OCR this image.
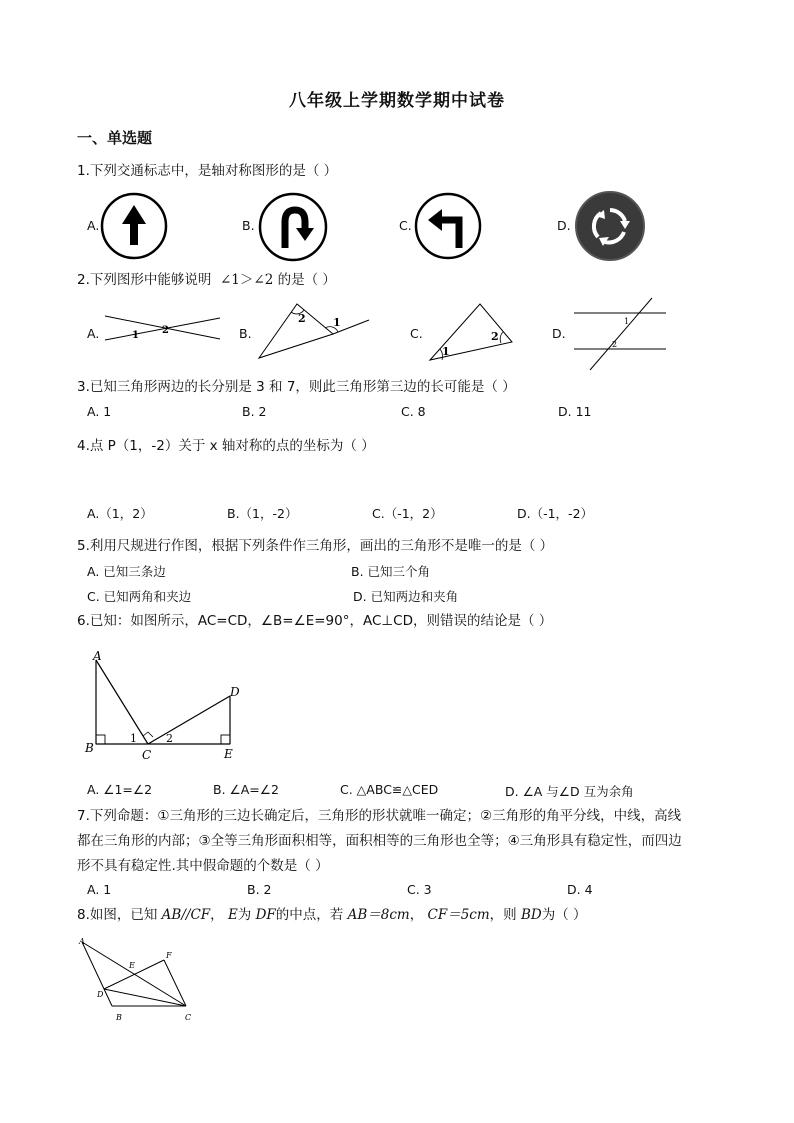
八年级上学期数学期中试卷
一、单选题
1.下列交通标志中，是轴对称图形的是（ ）
A.	B.	C.	D.
2.下列图形中能够说明 ∠1＞∠2 的是（ ）
A.	B.	C.	D.
1 2
2 1
1
2
1
2
3.已知三角形两边的长分别是 3 和 7，则此三角形第三边的长可能是（ ）
A. 1	B. 2	C. 8	D. 11
4.点 P（1，-2）关于 x 轴对称的点的坐标为（ ）
A.（1，2）	B.（1，-2）	C.（-1，2）	D.（-1，-2）
5.利用尺规进行作图，根据下列条件作三角形，画出的三角形不是唯一的是（ ）
A. 已知三条边	B. 已知三个角
C. 已知两角和夹边	D. 已知两边和夹角
6.已知：如图所示，AC=CD，∠B=∠E=90°，AC⊥CD，则错误的结论是（ ）
A
B	C
D
E
1	2
A. ∠1=∠2	B. ∠A=∠2	C. △ABC≌△CED	D. ∠A 与∠D 互为余角
7.下列命题：①三角形的三边长确定后，三角形的形状就唯一确定；②三角形的角平分线，中线，高线
都在三角形的内部；③全等三角形面积相等，面积相等的三角形也全等；④三角形具有稳定性，而四边
形不具有稳定性.其中假命题的个数是（ ）
A. 1	B. 2	C. 3	D. 4
8.如图，已知 AB//CF， E为 DF的中点，若 AB＝8cm， CF＝5cm，则 BD为（ ）
A
B	C
D
E
F
